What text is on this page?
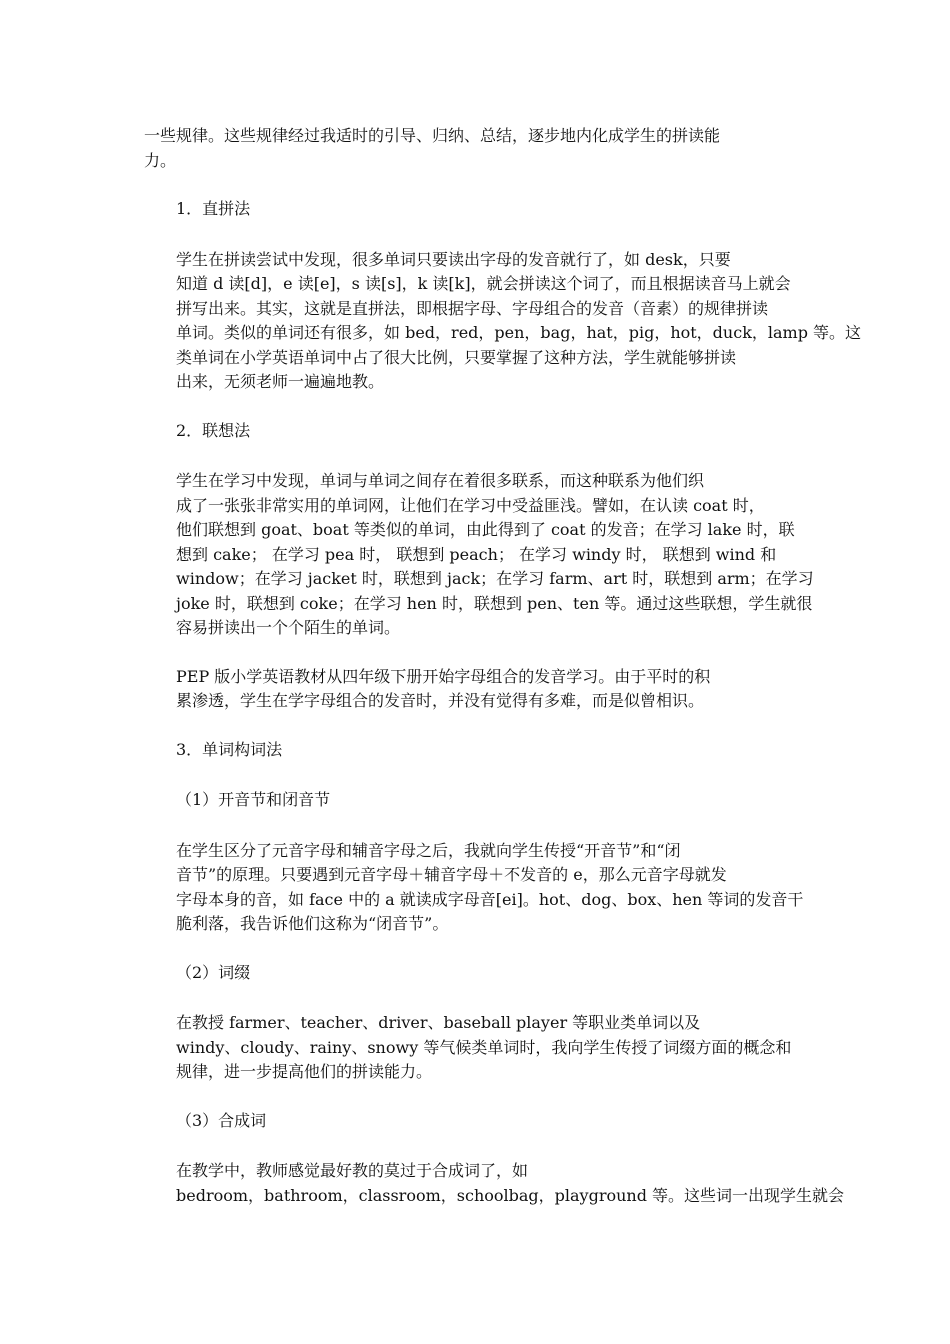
一些规律。这些规律经过我适时的引导、归纳、总结，逐步地内化成学生的拼读能
力。

1．直拼法

学生在拼读尝试中发现，很多单词只要读出字母的发音就行了，如 desk，只要
知道 d 读[d]，e 读[e]，s 读[s]，k 读[k]，就会拼读这个词了，而且根据读音马上就会
拼写出来。其实，这就是直拼法，即根据字母、字母组合的发音（音素）的规律拼读
单词。类似的单词还有很多，如 bed，red，pen，bag，hat，pig，hot，duck，lamp 等。这
类单词在小学英语单词中占了很大比例，只要掌握了这种方法，学生就能够拼读
出来，无须老师一遍遍地教。

2．联想法

学生在学习中发现，单词与单词之间存在着很多联系，而这种联系为他们织
成了一张张非常实用的单词网，让他们在学习中受益匪浅。譬如，在认读 coat 时，
他们联想到 goat、boat 等类似的单词，由此得到了 coat 的发音；在学习 lake 时，联
想到 cake； 在学习 pea 时， 联想到 peach； 在学习 windy 时， 联想到 wind 和
window；在学习 jacket 时，联想到 jack；在学习 farm、art 时，联想到 arm；在学习
joke 时，联想到 coke；在学习 hen 时，联想到 pen、ten 等。通过这些联想，学生就很
容易拼读出一个个陌生的单词。

PEP 版小学英语教材从四年级下册开始字母组合的发音学习。由于平时的积
累渗透，学生在学字母组合的发音时，并没有觉得有多难，而是似曾相识。

3．单词构词法

（1）开音节和闭音节

在学生区分了元音字母和辅音字母之后，我就向学生传授“开音节”和“闭
音节”的原理。只要遇到元音字母＋辅音字母＋不发音的 e，那么元音字母就发
字母本身的音，如 face 中的 a 就读成字母音[ei]。hot、dog、box、hen 等词的发音干
脆利落，我告诉他们这称为“闭音节”。

（2）词缀

在教授 farmer、teacher、driver、baseball player 等职业类单词以及
windy、cloudy、rainy、snowy 等气候类单词时，我向学生传授了词缀方面的概念和
规律，进一步提高他们的拼读能力。

（3）合成词

在教学中，教师感觉最好教的莫过于合成词了，如
bedroom，bathroom，classroom，schoolbag，playground 等。这些词一出现学生就会
